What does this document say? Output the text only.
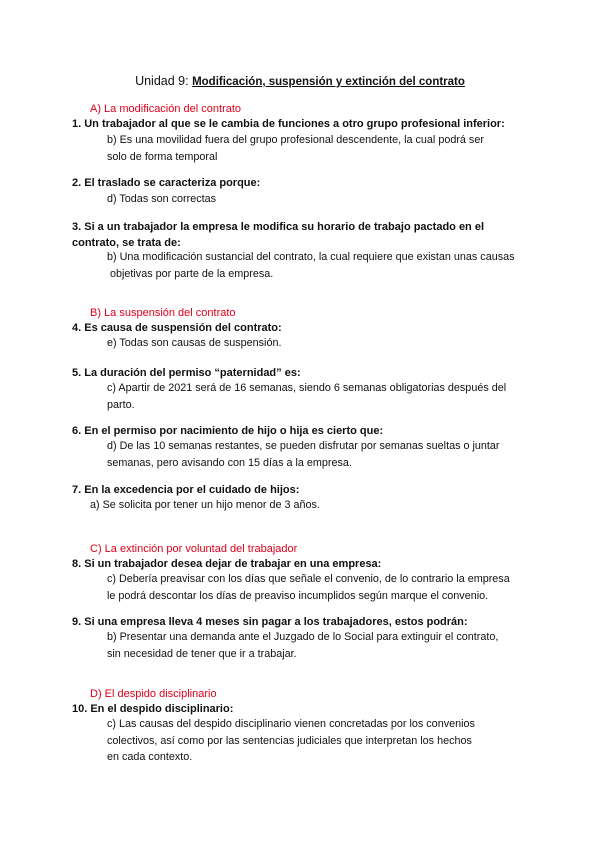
Unidad 9: Modificación, suspensión y extinción del contrato
A) La modificación del contrato
1. Un trabajador al que se le cambia de funciones a otro grupo profesional inferior:
b) Es una movilidad fuera del grupo profesional descendente, la cual podrá ser
solo de forma temporal
2. El traslado se caracteriza porque:
d) Todas son correctas
3. Si a un trabajador la empresa le modifica su horario de trabajo pactado en el
contrato, se trata de:
b) Una modificación sustancial del contrato, la cual requiere que existan unas causas
objetivas por parte de la empresa.
B) La suspensión del contrato
4. Es causa de suspensión del contrato:
e) Todas son causas de suspensión.
5. La duración del permiso “paternidad” es:
c) Apartir de 2021 será de 16 semanas, siendo 6 semanas obligatorias después del
parto.
6. En el permiso por nacimiento de hijo o hija es cierto que:
d) De las 10 semanas restantes, se pueden disfrutar por semanas sueltas o juntar
semanas, pero avisando con 15 días a la empresa.
7. En la excedencia por el cuidado de hijos:
a) Se solicita por tener un hijo menor de 3 años.
C) La extinción por voluntad del trabajador
8. Si un trabajador desea dejar de trabajar en una empresa:
c) Debería preavisar con los días que señale el convenio, de lo contrario la empresa
le podrá descontar los días de preaviso incumplidos según marque el convenio.
9. Si una empresa lleva 4 meses sin pagar a los trabajadores, estos podrán:
b) Presentar una demanda ante el Juzgado de lo Social para extinguir el contrato,
sin necesidad de tener que ir a trabajar.
D) El despido disciplinario
10. En el despido disciplinario:
c) Las causas del despido disciplinario vienen concretadas por los convenios
colectivos, así como por las sentencias judiciales que interpretan los hechos
en cada contexto.
